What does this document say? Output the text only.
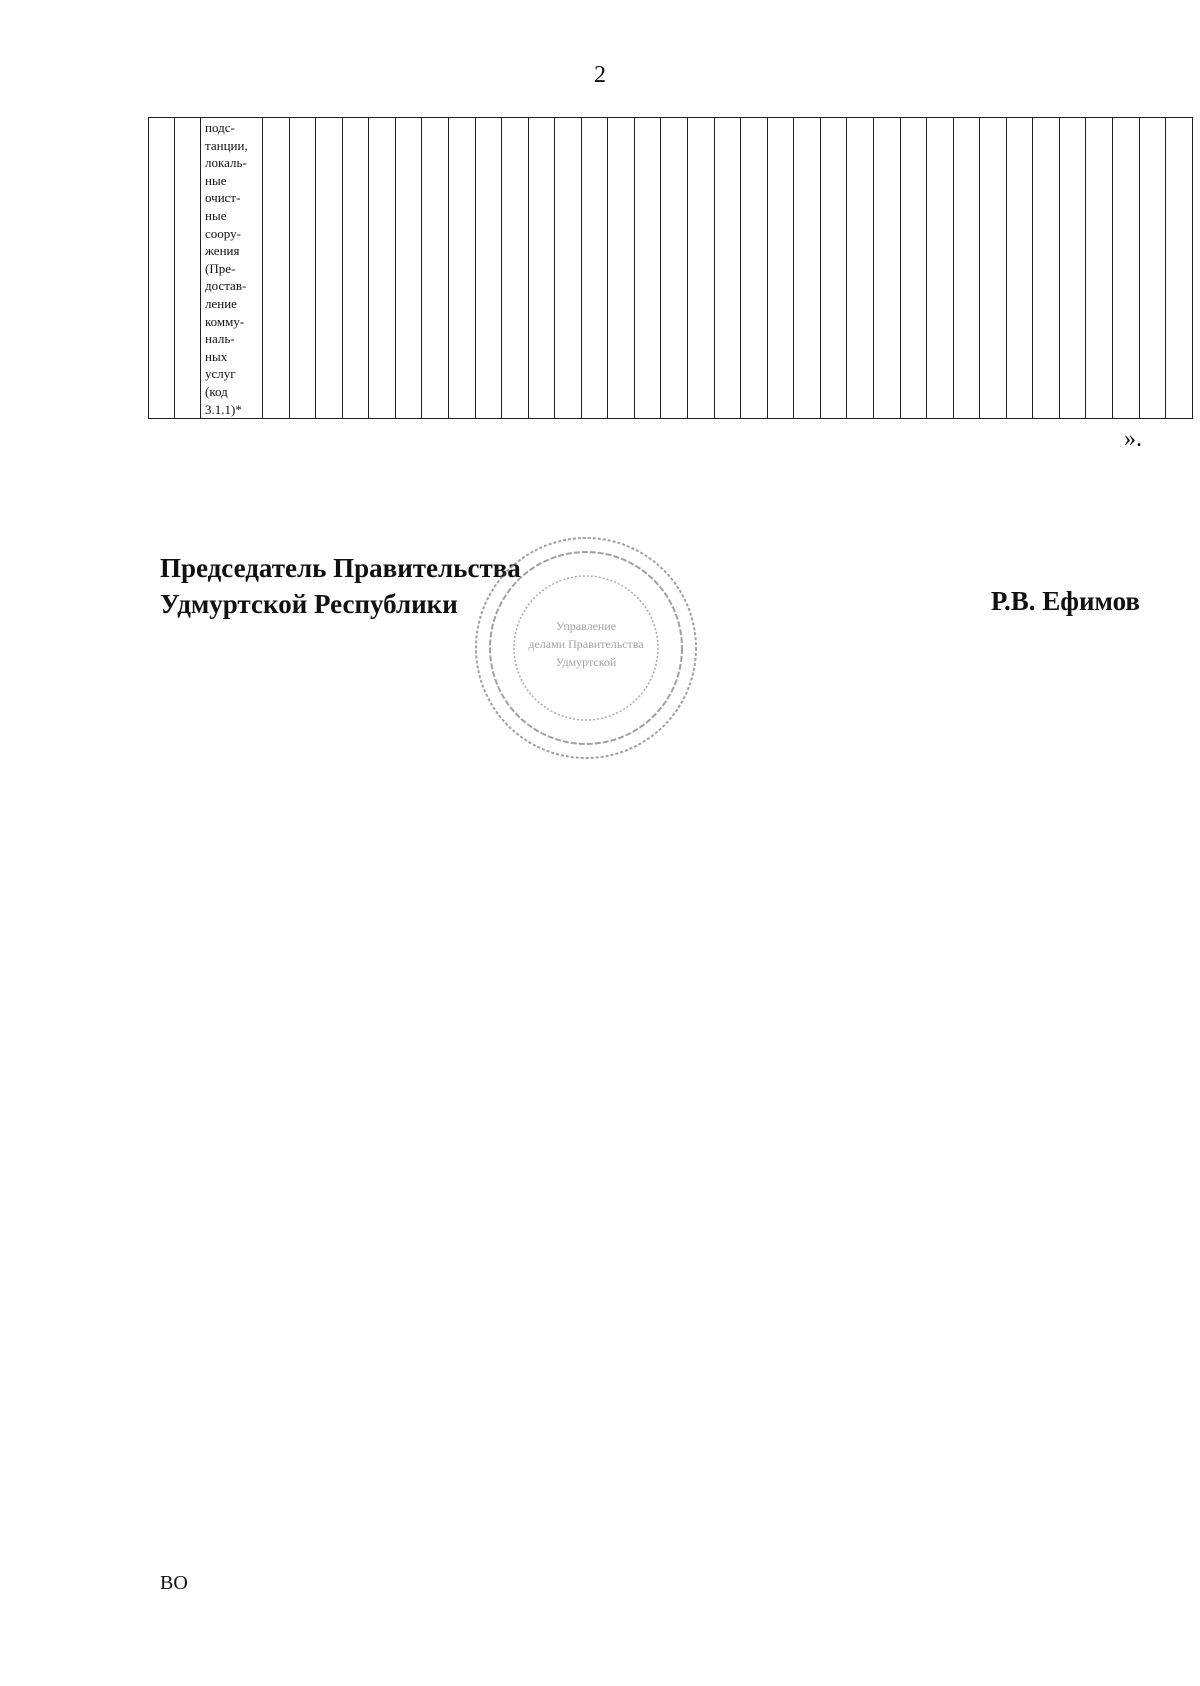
2

подс-
танции,
локаль-
ные
очист-
ные
соору-
жения
(Пре-
достав-
ление
комму-
наль-
ных
услуг
(код
3.1.1)*

».
Председатель Правительства
Удмуртской Республики	Р.В. Ефимов
Управление
делами Правительства
Удмуртской
ВО
